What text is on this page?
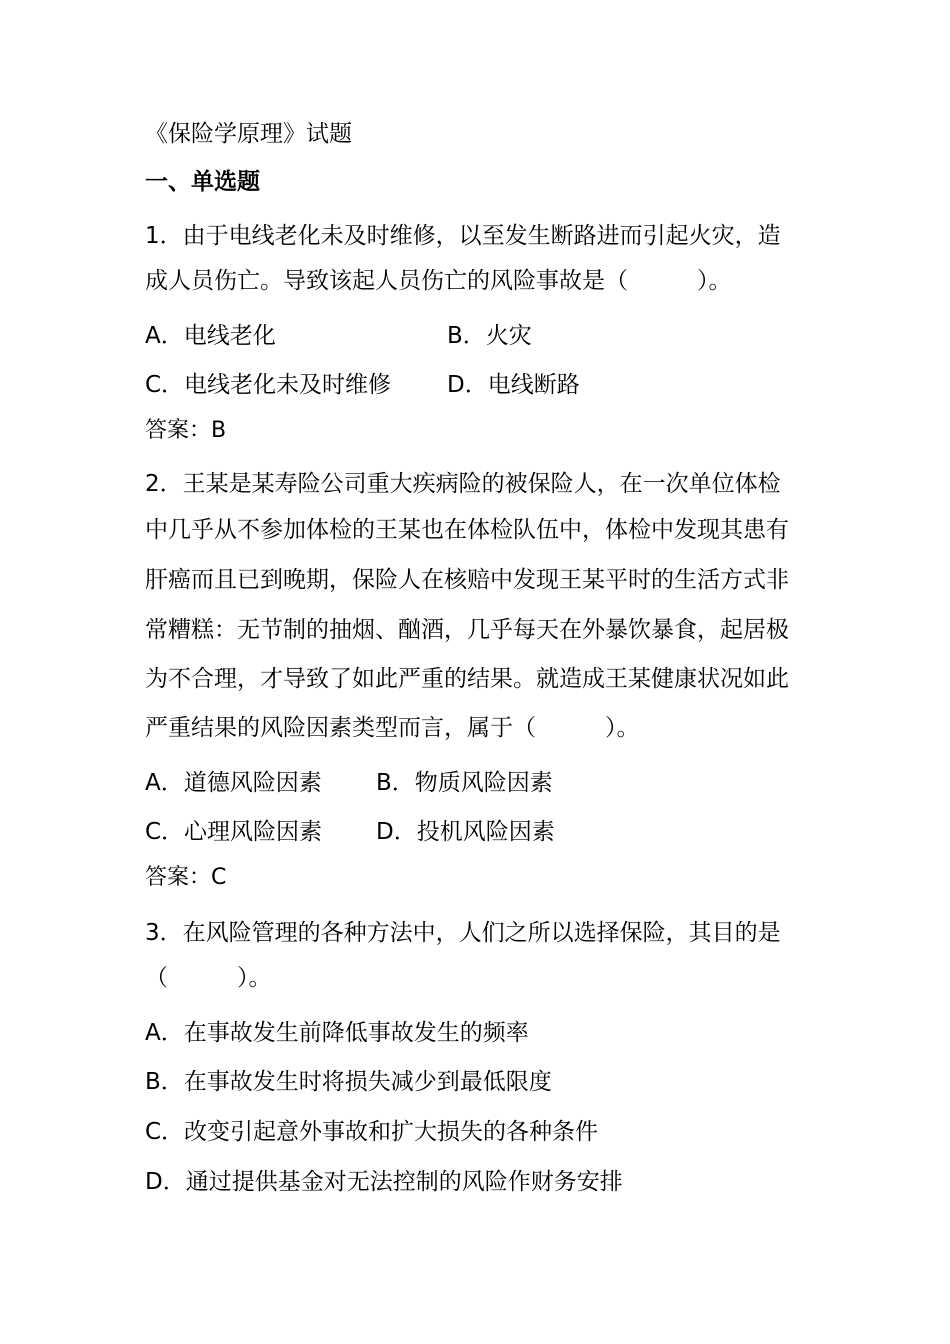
《保险学原理》试题
一、单选题
1．由于电线老化未及时维修，以至发生断路进而引起火灾，造
成人员伤亡。导致该起人员伤亡的风险事故是（　　　）。
A．电线老化	B．火灾
C．电线老化未及时维修 D．电线断路
答案：B
2．王某是某寿险公司重大疾病险的被保险人，在一次单位体检
中几乎从不参加体检的王某也在体检队伍中，体检中发现其患有
肝癌而且已到晚期，保险人在核赔中发现王某平时的生活方式非
常糟糕：无节制的抽烟、酗酒，几乎每天在外暴饮暴食，起居极
为不合理，才导致了如此严重的结果。就造成王某健康状况如此
严重结果的风险因素类型而言，属于（　　　）。
A．道德风险因素 B．物质风险因素
C．心理风险因素 D．投机风险因素
答案：C
3．在风险管理的各种方法中，人们之所以选择保险，其目的是
（　　　）。
A．在事故发生前降低事故发生的频率
B．在事故发生时将损失减少到最低限度
C．改变引起意外事故和扩大损失的各种条件
D．通过提供基金对无法控制的风险作财务安排
